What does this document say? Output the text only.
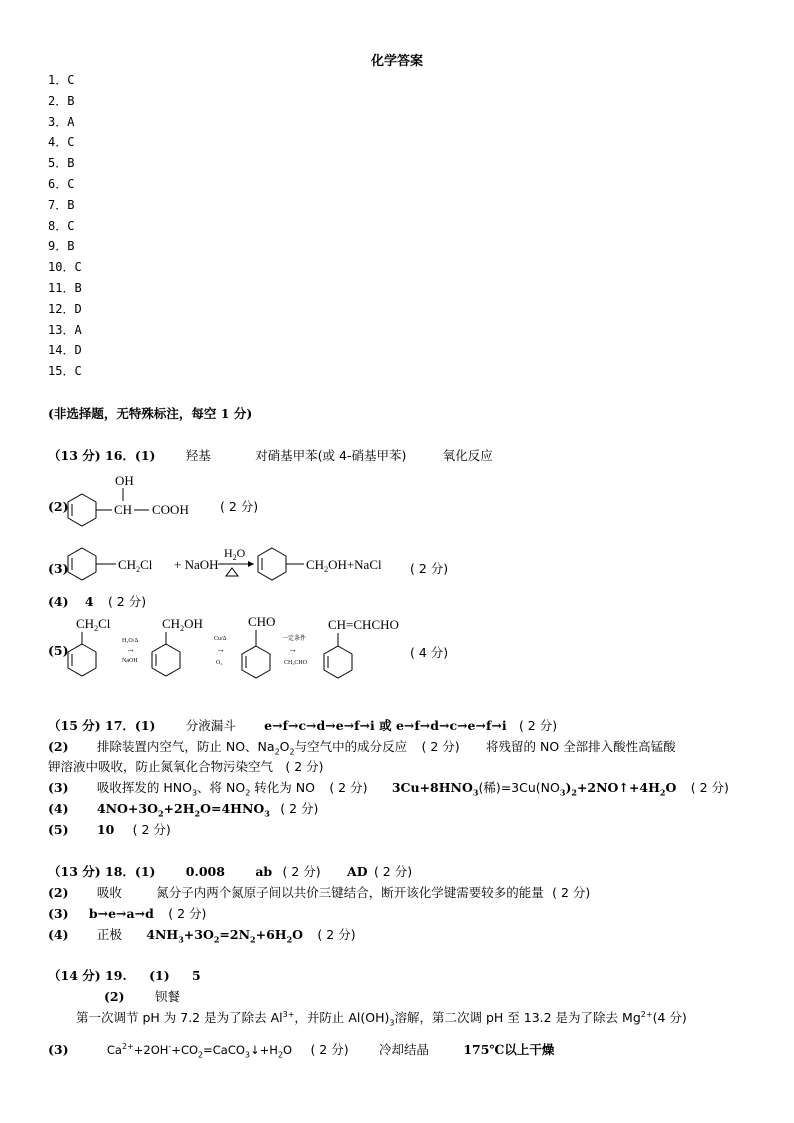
化学答案
1．C
2．B
3．A
4．C
5．B
6．C
7．B
8．C
9．B
10．C
11．B
12．D
13．A
14．D
15．C
(非选择题，无特殊标注，每空 1 分)
（13 分) 16．(1) 羟基	对硝基甲苯(或 4-硝基甲苯)	氧化反应
(2)	CH
OH
COOH ( 2 分)
(3)	$CH_2Cl$ + NaOH
$H_2O$
$CH_2OH+NaCl$ ( 2 分)
(4) 4 ( 2 分)
(5)
$CH_2Cl$
H₂O/Δ
→
NaOH
$CH_2OH$
Cu/Δ
→
O₂
CHO
一定条件
→
CH₃CHO
CH=CHCHO
( 4 分)
（15 分) 17．(1) 分液漏斗 e→f→c→d→e→f→i 或 e→f→d→c→e→f→i ( 2 分)
(2) 排除装置内空气，防止 NO、$Na_2O_2$与空气中的成分反应 ( 2 分) 将残留的 NO 全部排入酸性高锰酸
钾溶液中吸收，防止氮氧化合物污染空气 ( 2 分)
(3) 吸收挥发的 $HNO_3$、将 $NO_2$ 转化为 NO ( 2 分) $3Cu+8HNO_3$(稀)$=3Cu(NO_3)_2+2NO↑+4H_2O$ ( 2 分)
(4) $4NO+3O_2+2H_2O=4HNO_3$ ( 2 分)
(5) 10 ( 2 分)
（13 分) 18．(1) 0.008 ab ( 2 分) AD ( 2 分)
(2) 吸收	氮分子内两个氮原子间以共价三键结合，断开该化学键需要较多的能量 ( 2 分)
(3) b→e→a→d ( 2 分)
(4) 正极 $4NH_3+3O_2=2N_2+6H_2O$ ( 2 分)
（14 分) 19. (1) 5
(2) 钡餐
第一次调节 pH 为 7.2 是为了除去 $Al^{3+}$，并防止 $Al(OH)_3$溶解，第二次调 pH 至 13.2 是为了除去 $Mg^{2+}(4$ 分)
(3)	$Ca^{2+}+2OH^-+CO_2=CaCO_3↓+H_2O$ ( 2 分) 冷却结晶	175℃以上干燥
